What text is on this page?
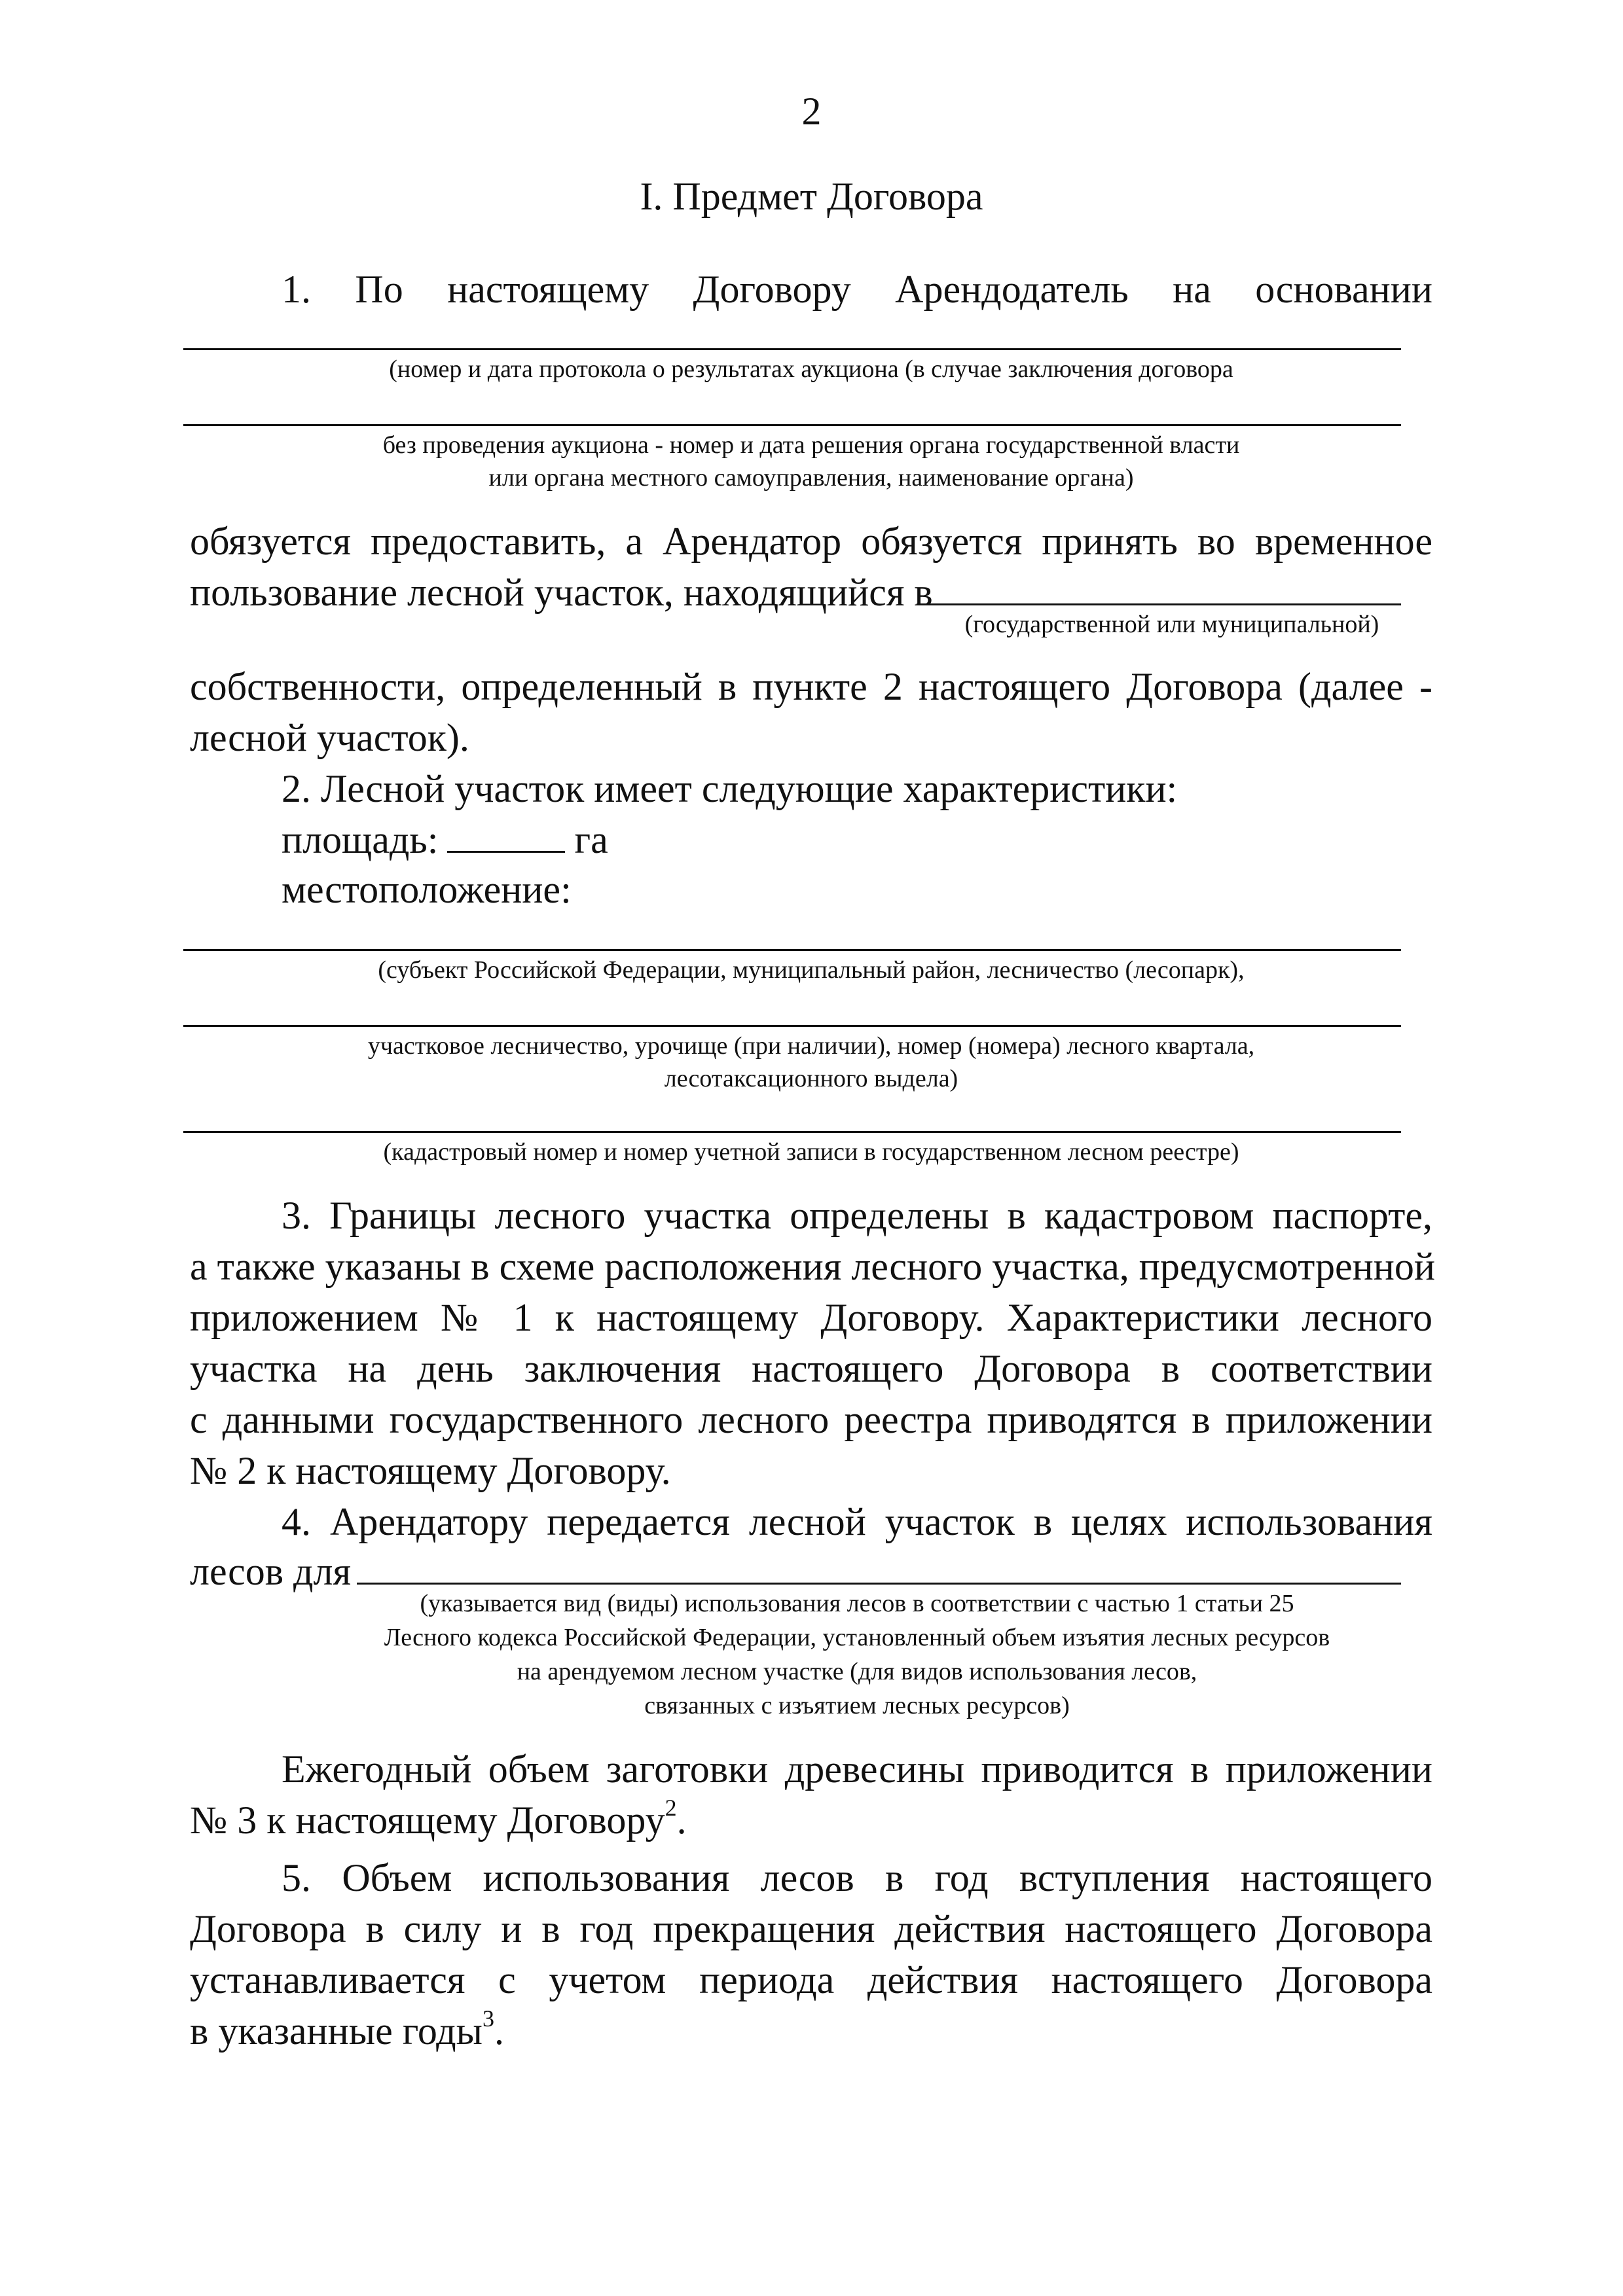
2
I. Предмет Договора
1. По настоящему Договору Арендодатель на основании
(номер и дата протокола о результатах аукциона (в случае заключения договора
без проведения аукциона - номер и дата решения органа государственной власти
или органа местного самоуправления, наименование органа)
обязуется предоставить, а Арендатор обязуется принять во временное
пользование лесной участок, находящийся в
(государственной или муниципальной)
собственности, определенный в пункте 2 настоящего Договора (далее -
лесной участок).
2. Лесной участок имеет следующие характеристики:
площадь:	га
местоположение:
(субъект Российской Федерации, муниципальный район, лесничество (лесопарк),
участковое лесничество, урочище (при наличии), номер (номера) лесного квартала,
лесотаксационного выдела)
(кадастровый номер и номер учетной записи в государственном лесном реестре)
3. Границы лесного участка определены в кадастровом паспорте,
а также указаны в схеме расположения лесного участка, предусмотренной
приложением № 1 к настоящему Договору. Характеристики лесного
участка на день заключения настоящего Договора в соответствии
с данными государственного лесного реестра приводятся в приложении
№ 2 к настоящему Договору.
4. Арендатору передается лесной участок в целях использования
лесов для
(указывается вид (виды) использования лесов в соответствии с частью 1 статьи 25
Лесного кодекса Российской Федерации, установленный объем изъятия лесных ресурсов
на арендуемом лесном участке (для видов использования лесов,
связанных с изъятием лесных ресурсов)
Ежегодный объем заготовки древесины приводится в приложении
№ 3 к настоящему Договору$^2$.
5. Объем использования лесов в год вступления настоящего
Договора в силу и в год прекращения действия настоящего Договора
устанавливается с учетом периода действия настоящего Договора
в указанные годы$^3$.
